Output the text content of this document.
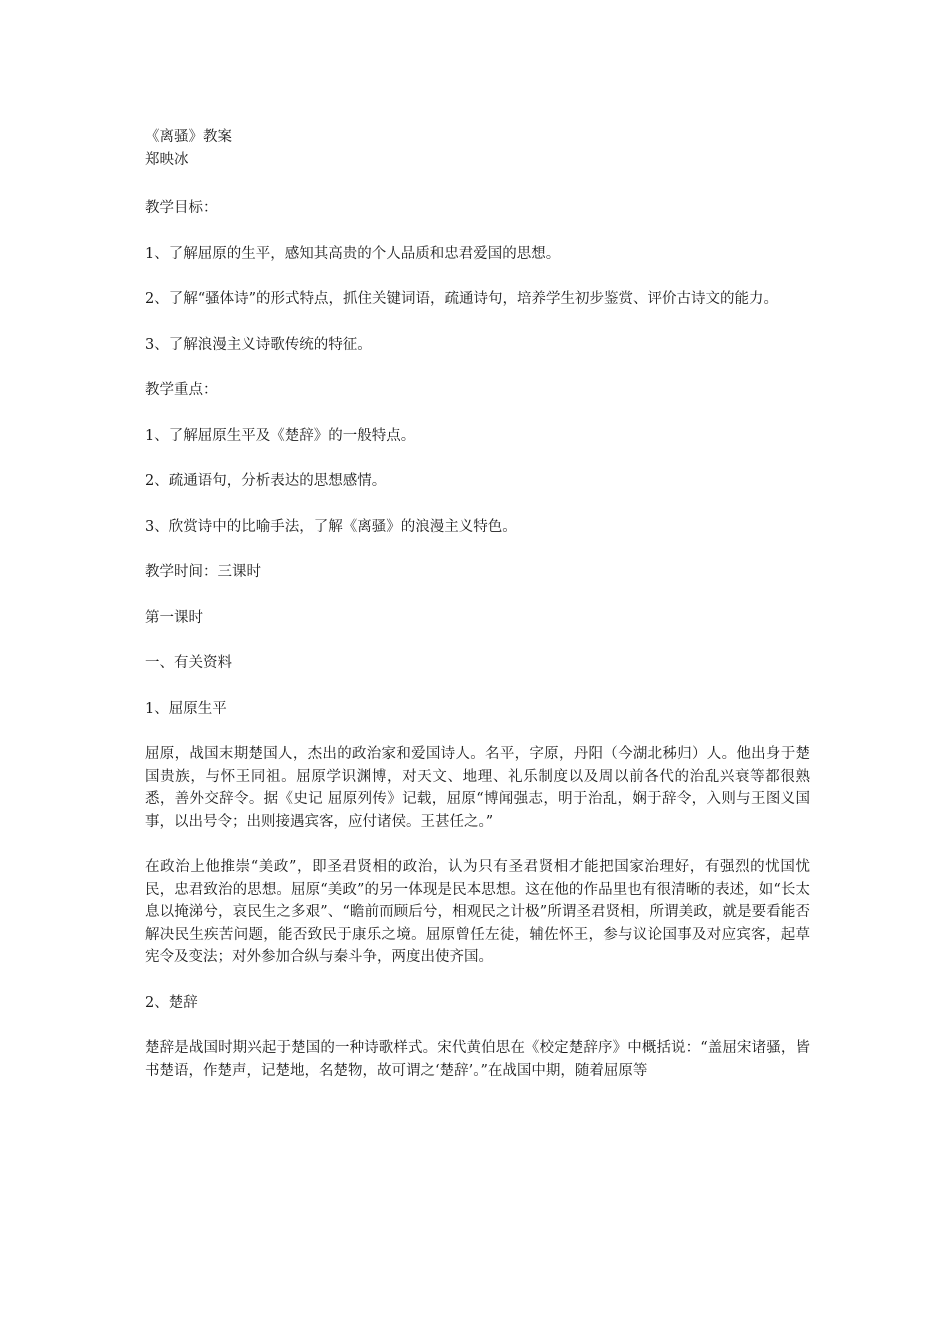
《离骚》教案

郑映冰

教学目标：

1、了解屈原的生平，感知其高贵的个人品质和忠君爱国的思想。

2、了解“骚体诗”的形式特点，抓住关键词语，疏通诗句，培养学生初步鉴赏、评价古诗文的能力。

3、了解浪漫主义诗歌传统的特征。

教学重点：

1、了解屈原生平及《楚辞》的一般特点。

2、疏通语句，分析表达的思想感情。

3、欣赏诗中的比喻手法，了解《离骚》的浪漫主义特色。

教学时间：三课时

第一课时

一、有关资料

1、屈原生平

屈原，战国末期楚国人，杰出的政治家和爱国诗人。名平，字原，丹阳（今湖北秭归）人。他出身于楚国贵族，与怀王同祖。屈原学识渊博，对天文、地理、礼乐制度以及周以前各代的治乱兴衰等都很熟悉，善外交辞令。据《史记 屈原列传》记载，屈原“博闻强志，明于治乱，娴于辞令，入则与王图义国事，以出号令；出则接遇宾客，应付诸侯。王甚任之。”

在政治上他推崇“美政”，即圣君贤相的政治，认为只有圣君贤相才能把国家治理好，有强烈的忧国忧民，忠君致治的思想。屈原“美政”的另一体现是民本思想。这在他的作品里也有很清晰的表述，如“长太息以掩涕兮，哀民生之多艰”、“瞻前而顾后兮，相观民之计极”所谓圣君贤相，所谓美政，就是要看能否解决民生疾苦问题，能否致民于康乐之境。屈原曾任左徒，辅佐怀王，参与议论国事及对应宾客，起草宪令及变法；对外参加合纵与秦斗争，两度出使齐国。

2、楚辞

楚辞是战国时期兴起于楚国的一种诗歌样式。宋代黄伯思在《校定楚辞序》中概括说：“盖屈宋诸骚，皆书楚语，作楚声，记楚地，名楚物，故可谓之‘楚辞’。”在战国中期，随着屈原等
